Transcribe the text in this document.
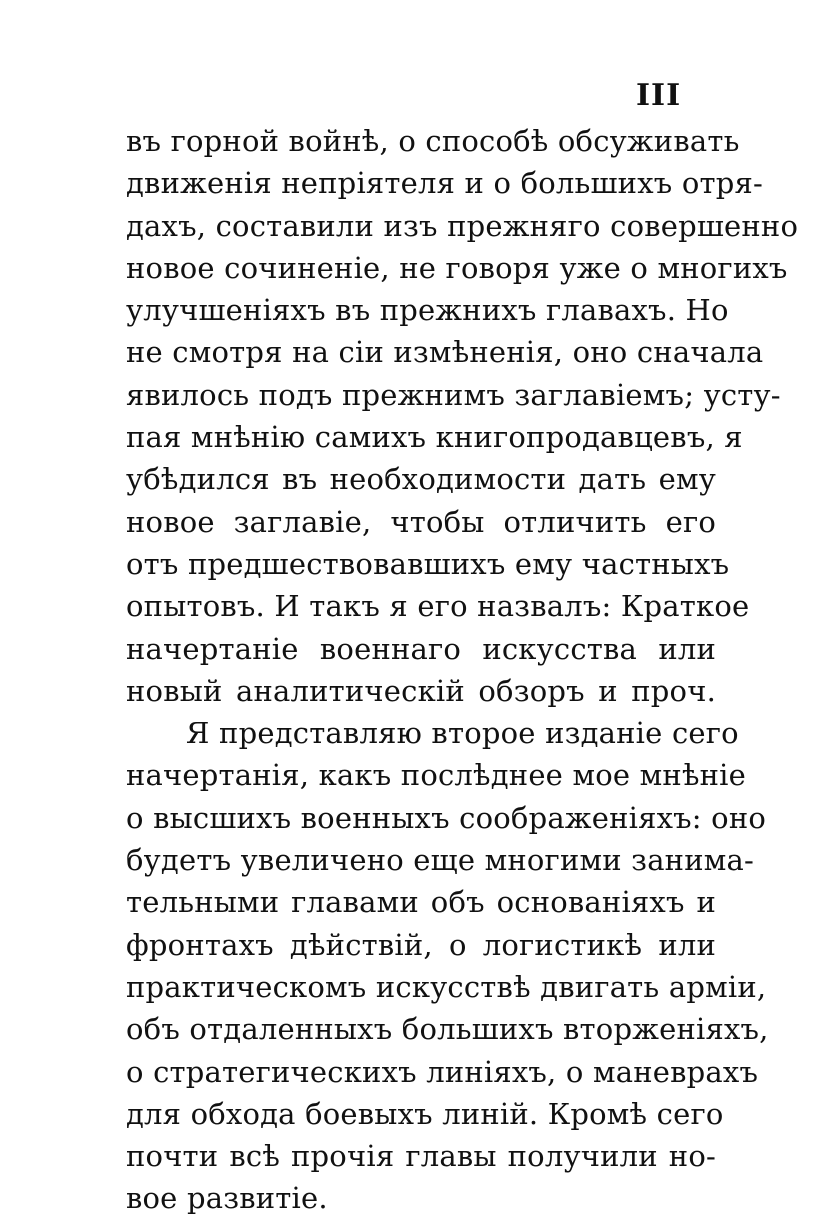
III
въ горной войнѣ, о способѣ обсуживать
движенія непріятеля и о большихъ отря-
дахъ, составили изъ прежняго совершенно
новое сочиненіе, не говоря уже о многихъ
улучшеніяхъ въ прежнихъ главахъ. Но
не смотря на сіи измѣненія, оно сначала
явилось подъ прежнимъ заглавіемъ; усту-
пая мнѣнію самихъ книгопродавцевъ, я
убѣдился въ необходимости дать ему
новое заглавіе, чтобы отличить его
отъ предшествовавшихъ ему частныхъ
опытовъ. И такъ я его назвалъ: Краткое
начертаніе военнаго искусства или
новый аналитическій обзоръ и проч.
Я представляю второе изданіе сего
начертанія, какъ послѣднее мое мнѣніе
о высшихъ военныхъ соображеніяхъ: оно
будетъ увеличено еще многими занима-
тельными главами объ основаніяхъ и
фронтахъ дѣйствій, о логистикѣ или
практическомъ искусствѣ двигать арміи,
объ отдаленныхъ большихъ вторженіяхъ,
о стратегическихъ линіяхъ, о маневрахъ
для обхода боевыхъ линій. Кромѣ сего
почти всѣ прочія главы получили но-
вое развитіе.
